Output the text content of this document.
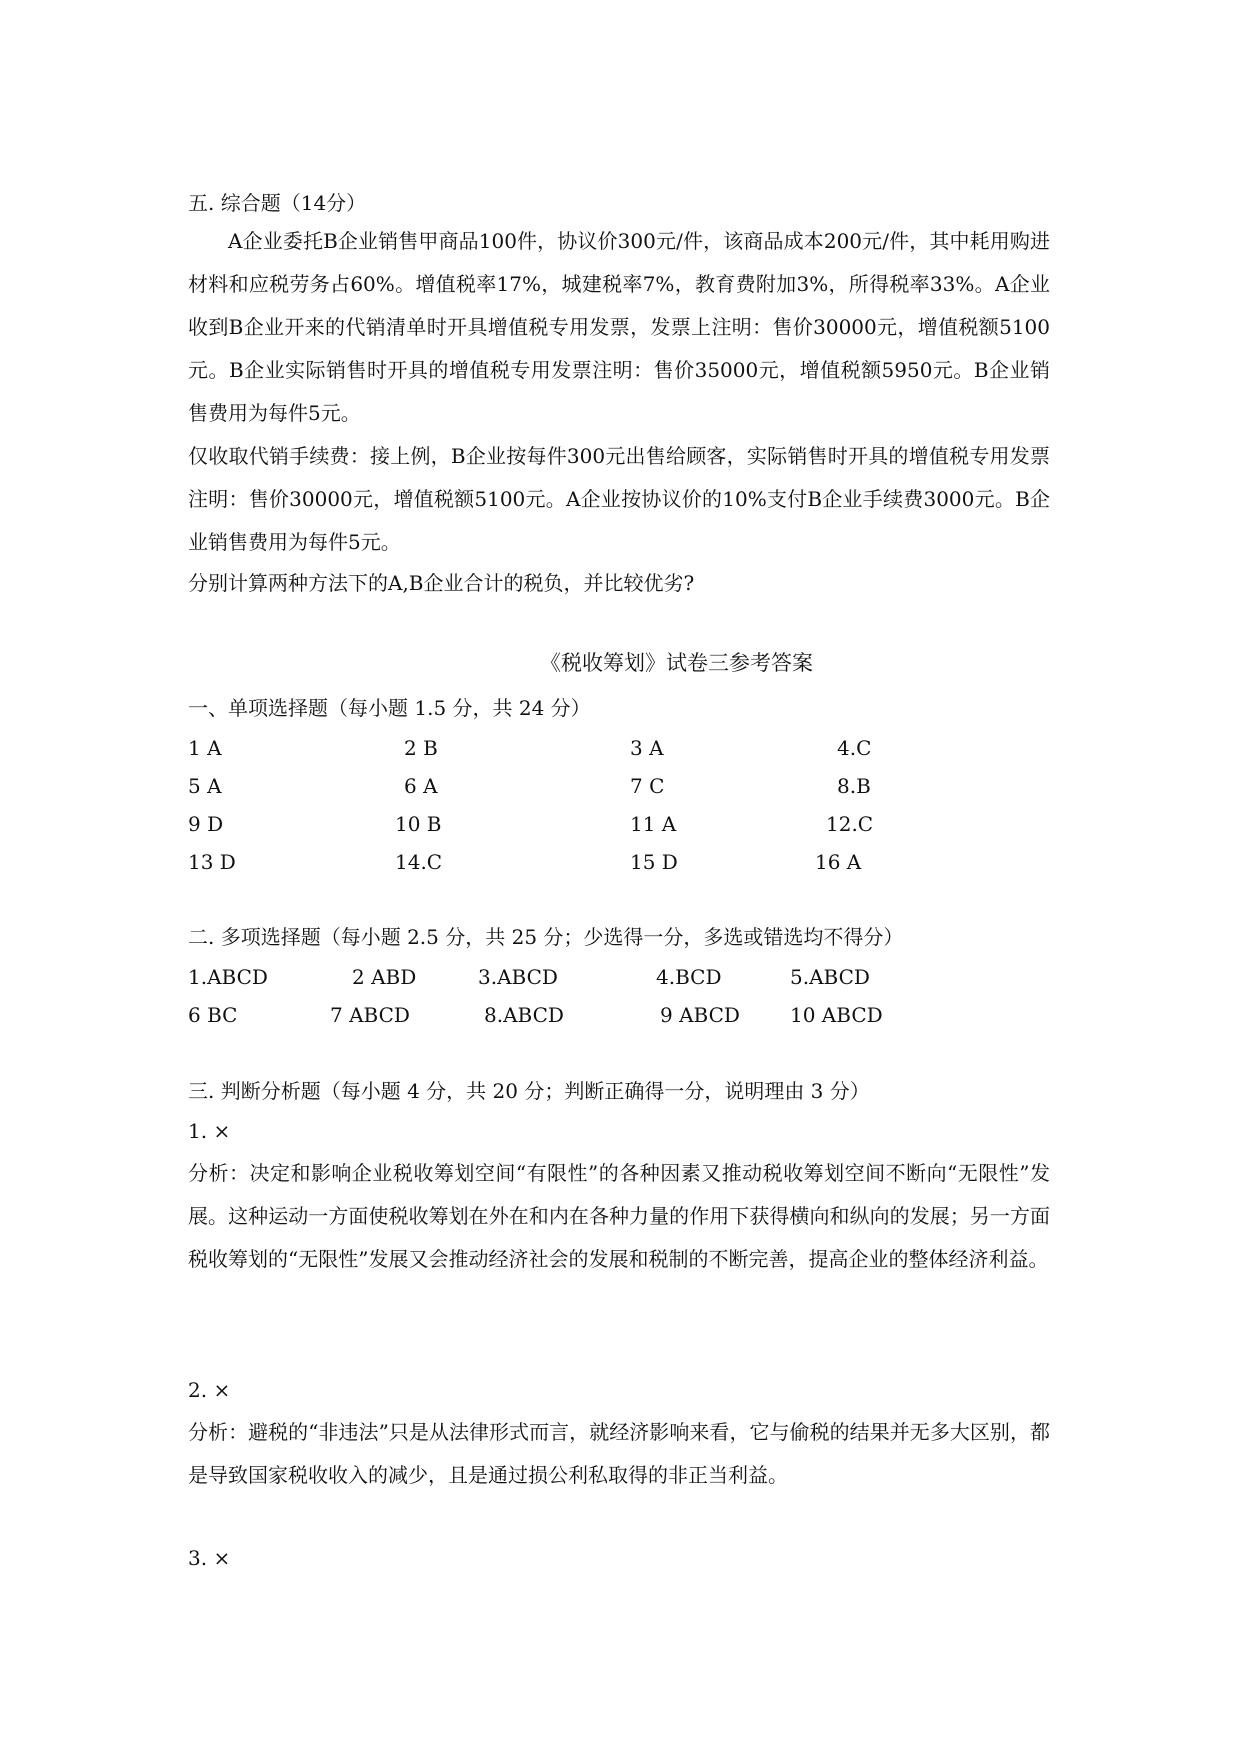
五. 综合题（14分）
A企业委托B企业销售甲商品100件，协议价300元/件，该商品成本200元/件，其中耗用购进材料和应税劳务占60%。增值税率17%，城建税率7%，教育费附加3%，所得税率33%。A企业收到B企业开来的代销清单时开具增值税专用发票，发票上注明：售价30000元，增值税额5100元。B企业实际销售时开具的增值税专用发票注明：售价35000元，增值税额5950元。B企业销售费用为每件5元。
仅收取代销手续费：接上例，B企业按每件300元出售给顾客，实际销售时开具的增值税专用发票注明：售价30000元，增值税额5100元。A企业按协议价的10%支付B企业手续费3000元。B企业销售费用为每件5元。
分别计算两种方法下的A,B企业合计的税负，并比较优劣?
《税收筹划》试卷三参考答案
一、单项选择题（每小题 1.5 分，共 24 分）
1 A	2 B	3 A	4.C
5 A	6 A	7 C	8.B
9 D	10 B	11 A	12.C
13 D	14.C	15 D	16 A
二. 多项选择题（每小题 2.5 分，共 25 分；少选得一分，多选或错选均不得分）
1.ABCD	2 ABD	3.ABCD	4.BCD	5.ABCD
6 BC	7 ABCD	8.ABCD	9 ABCD	10 ABCD
三. 判断分析题（每小题 4 分，共 20 分；判断正确得一分，说明理由 3 分）
1. ×
分析：决定和影响企业税收筹划空间“有限性”的各种因素又推动税收筹划空间不断向“无限性”发展。这种运动一方面使税收筹划在外在和内在各种力量的作用下获得横向和纵向的发展；另一方面税收筹划的“无限性”发展又会推动经济社会的发展和税制的不断完善，提高企业的整体经济利益。
2. ×
分析：避税的“非违法”只是从法律形式而言，就经济影响来看，它与偷税的结果并无多大区别，都是导致国家税收收入的减少，且是通过损公利私取得的非正当利益。
3. ×
